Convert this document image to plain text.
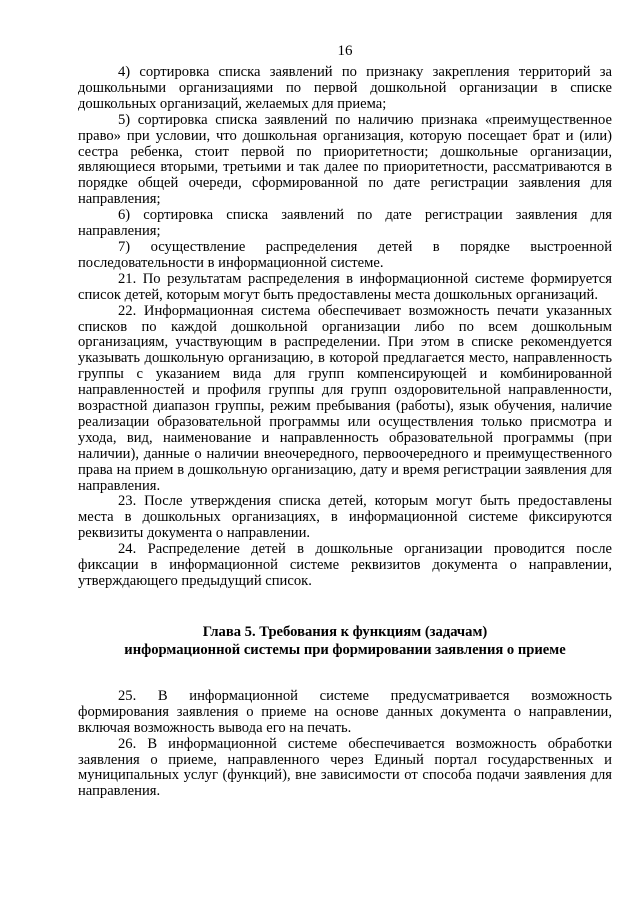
16

4) сортировка списка заявлений по признаку закрепления территорий за дошкольными организациями по первой дошкольной организации в списке дошкольных организаций, желаемых для приема;

5) сортировка списка заявлений по наличию признака «преимущественное право» при условии, что дошкольная организация, которую посещает брат и (или) сестра ребенка, стоит первой по приоритетности; дошкольные организации, являющиеся вторыми, третьими и так далее по приоритетности, рассматриваются в порядке общей очереди, сформированной по дате регистрации заявления для направления;

6) сортировка списка заявлений по дате регистрации заявления для направления;

7) осуществление распределения детей в порядке выстроенной последовательности в информационной системе.

21. По результатам распределения в информационной системе формируется список детей, которым могут быть предоставлены места дошкольных организаций.

22. Информационная система обеспечивает возможность печати указанных списков по каждой дошкольной организации либо по всем дошкольным организациям, участвующим в распределении. При этом в списке рекомендуется указывать дошкольную организацию, в которой предлагается место, направленность группы с указанием вида для групп компенсирующей и комбинированной направленностей и профиля группы для групп оздоровительной направленности, возрастной диапазон группы, режим пребывания (работы), язык обучения, наличие реализации образовательной программы или осуществления только присмотра и ухода, вид, наименование и направленность образовательной программы (при наличии), данные о наличии внеочередного, первоочередного и преимущественного права на прием в дошкольную организацию, дату и время регистрации заявления для направления.

23. После утверждения списка детей, которым могут быть предоставлены места в дошкольных организациях, в информационной системе фиксируются реквизиты документа о направлении.

24. Распределение детей в дошкольные организации проводится после фиксации в информационной системе реквизитов документа о направлении, утверждающего предыдущий список.

Глава 5. Требования к функциям (задачам)
информационной системы при формировании заявления о приеме

25. В информационной системе предусматривается возможность формирования заявления о приеме на основе данных документа о направлении, включая возможность вывода его на печать.

26. В информационной системе обеспечивается возможность обработки заявления о приеме, направленного через Единый портал государственных и муниципальных услуг (функций), вне зависимости от способа подачи заявления для направления.
